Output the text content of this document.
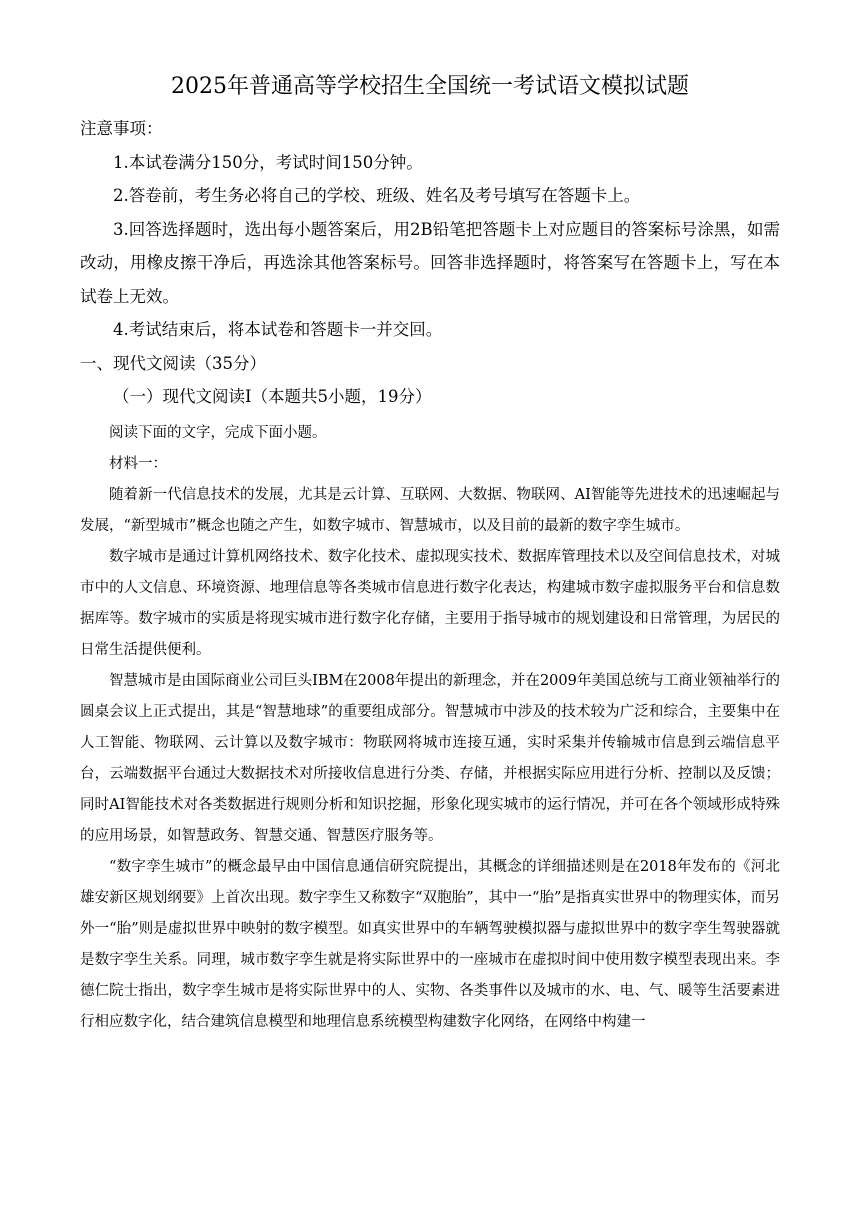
2025年普通高等学校招生全国统一考试语文模拟试题

注意事项：

1.本试卷满分150分，考试时间150分钟。

2.答卷前，考生务必将自己的学校、班级、姓名及考号填写在答题卡上。

3.回答选择题时，选出每小题答案后，用2B铅笔把答题卡上对应题目的答案标号涂黑，如需改动，用橡皮擦干净后，再选涂其他答案标号。回答非选择题时，将答案写在答题卡上，写在本试卷上无效。

4.考试结束后，将本试卷和答题卡一并交回。

一、现代文阅读（35分）

（一）现代文阅读Ⅰ（本题共5小题，19分）

阅读下面的文字，完成下面小题。

材料一：

随着新一代信息技术的发展，尤其是云计算、互联网、大数据、物联网、AI智能等先进技术的迅速崛起与发展，“新型城市”概念也随之产生，如数字城市、智慧城市，以及目前的最新的数字孪生城市。

数字城市是通过计算机网络技术、数字化技术、虚拟现实技术、数据库管理技术以及空间信息技术，对城市中的人文信息、环境资源、地理信息等各类城市信息进行数字化表达，构建城市数字虚拟服务平台和信息数据库等。数字城市的实质是将现实城市进行数字化存储，主要用于指导城市的规划建设和日常管理，为居民的日常生活提供便利。

智慧城市是由国际商业公司巨头IBM在2008年提出的新理念，并在2009年美国总统与工商业领袖举行的圆桌会议上正式提出，其是“智慧地球”的重要组成部分。智慧城市中涉及的技术较为广泛和综合，主要集中在人工智能、物联网、云计算以及数字城市：物联网将城市连接互通，实时采集并传输城市信息到云端信息平台，云端数据平台通过大数据技术对所接收信息进行分类、存储，并根据实际应用进行分析、控制以及反馈；同时AI智能技术对各类数据进行规则分析和知识挖掘，形象化现实城市的运行情况，并可在各个领域形成特殊的应用场景，如智慧政务、智慧交通、智慧医疗服务等。

“数字孪生城市”的概念最早由中国信息通信研究院提出，其概念的详细描述则是在2018年发布的《河北雄安新区规划纲要》上首次出现。数字孪生又称数字“双胞胎”，其中一“胎”是指真实世界中的物理实体，而另外一“胎”则是虚拟世界中映射的数字模型。如真实世界中的车辆驾驶模拟器与虚拟世界中的数字孪生驾驶器就是数字孪生关系。同理，城市数字孪生就是将实际世界中的一座城市在虚拟时间中使用数字模型表现出来。李德仁院士指出，数字孪生城市是将实际世界中的人、实物、各类事件以及城市的水、电、气、暖等生活要素进行相应数字化，结合建筑信息模型和地理信息系统模型构建数字化网络，在网络中构建一
